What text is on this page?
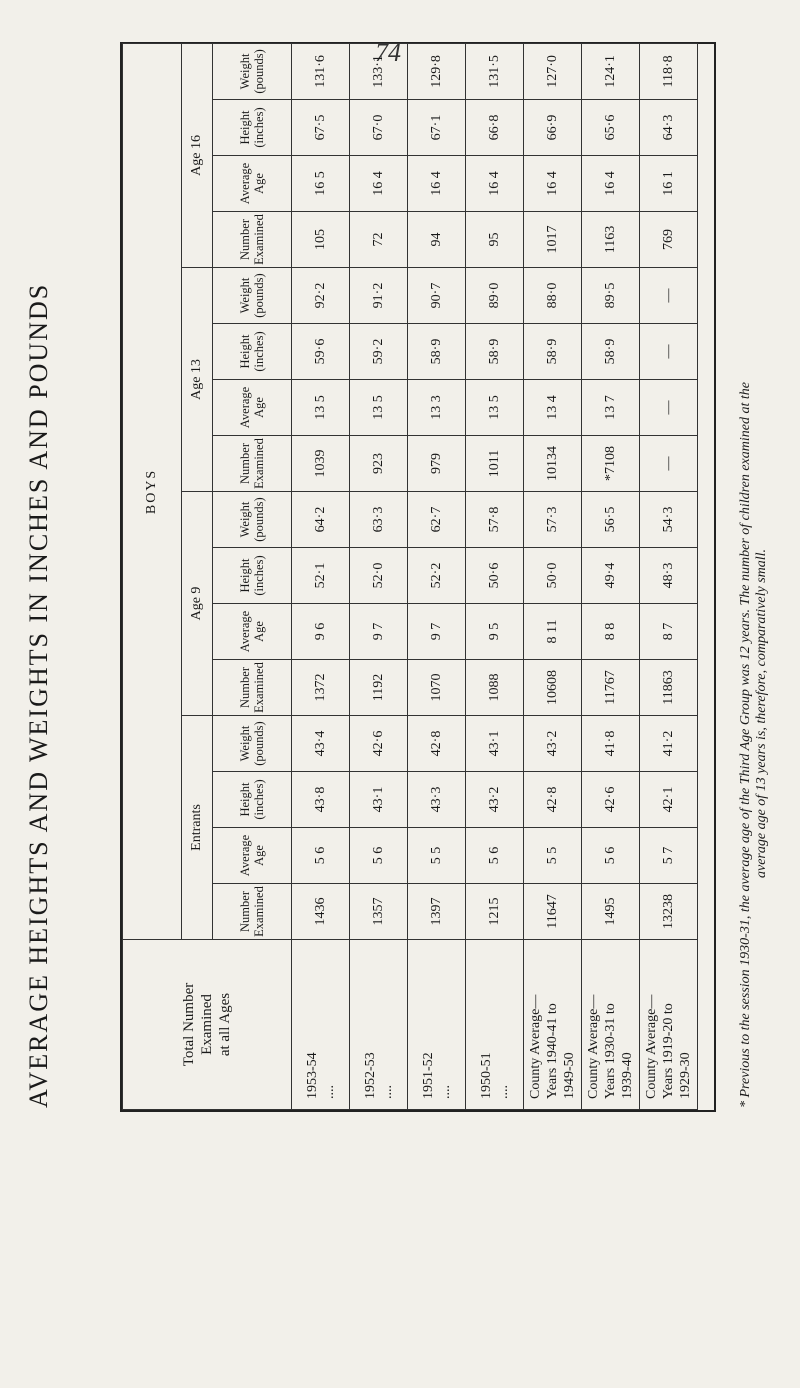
74
AVERAGE HEIGHTS AND WEIGHTS IN INCHES AND POUNDS	Total Number Examined at all Ages	BOYS															
	Entrants				Age 9				Age 13				Age 16			
	Number Examined	Average Age	Height (inches)	Weight (pounds)	Number Examined	Average Age	Height (inches)	Weight (pounds)	Number Examined	Average Age	Height (inches)	Weight (pounds)	Number Examined	Average Age	Height (inches)	Weight (pounds)

1953-54 ....	1436	5 6	43·8	43·4	1372	9 6	52·1	64·2	1039	13 5	59·6	92·2	105	16 5	67·5	131·6

1952-53 ....	1357	5 6	43·1	42·6	1192	9 7	52·0	63·3	923	13 5	59·2	91·2	72	16 4	67·0	133·1

1951-52 ....	1397	5 5	43·3	42·8	1070	9 7	52·2	62·7	979	13 3	58·9	90·7	94	16 4	67·1	129·8

1950-51 ....	1215	5 6	43·2	43·1	1088	9 5	50·6	57·8	1011	13 5	58·9	89·0	95	16 4	66·8	131·5

County Average— Years 1940-41 to 1949-50	11647	5 5	42·8	43·2	10608	8 11	50·0	57·3	10134	13 4	58·9	88·0	1017	16 4	66·9	127·0

County Average— Years 1930-31 to 1939-40	1495	5 6	42·6	41·8	11767	8 8	49·4	56·5	*7108	13 7	58·9	89·5	1163	16 4	65·6	124·1

County Average— Years 1919-20 to 1929-30	13238	5 7	42·1	41·2	11863	8 7	48·3	54·3	—	—	—	—	769	16 1	64·3	118·8
* Previous to the session 1930-31, the average age of the Third Age Group was 12 years. The number of children examined at the average age of 13 years is, therefore, comparatively small.
